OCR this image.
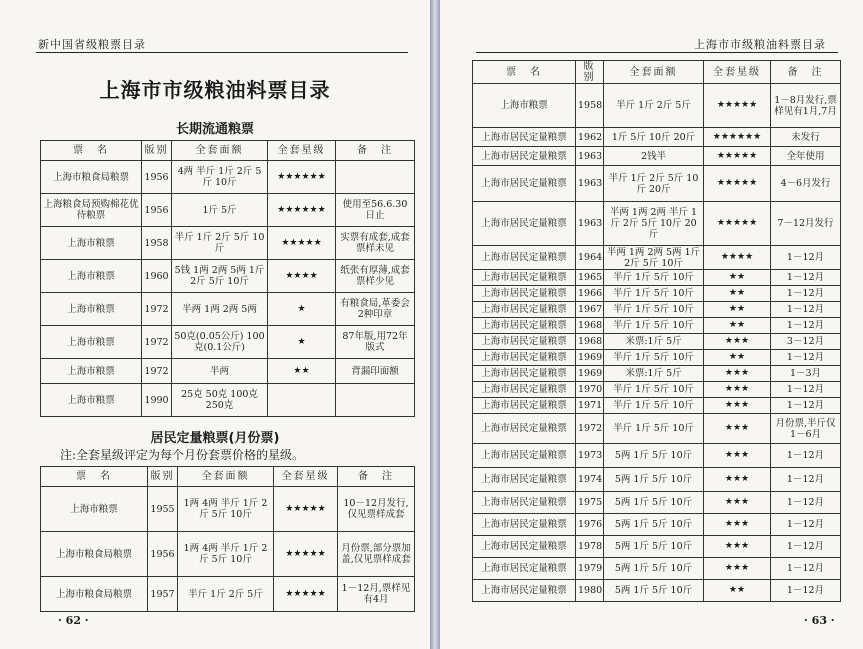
新中国省级粮票目录
上海市市级粮油料票目录
长期流通粮票
票　名	版别	全套面额	全套星级	备　注
上海市粮食局粮票	1956	4两 半斤 1斤 2斤 5斤 10斤	★★★★★★	
上海粮食局预购棉花优待粮票	1956	1斤 5斤	★★★★★★	使用至56.6.30日止
上海市粮票	1958	半斤 1斤 2斤 5斤 10斤	★★★★★	实票有成套,成套票样未见
上海市粮票	1960	5钱 1两 2两 5两 1斤 2斤 5斤 10斤	★★★★	纸张有厚薄,成套票样少见
上海市粮票	1972	半两 1两 2两 5两	★	有粮食局,革委会2种印章
上海市粮票	1972	50克(0.05公斤) 100克(0.1公斤)	★	87年版,用72年版式
上海市粮票	1972	半两	★★	背漏印面额
上海市粮票	1990	25克 50克 100克 250克		
居民定量粮票(月份票)
注:全套星级评定为每个月份套票价格的星级。
票　名	版别	全套面额	全套星级	备　注
上海市粮票	1955	1两 4两 半斤 1斤 2斤 5斤 10斤	★★★★★	10－12月发行,仅见票样成套
上海市粮食局粮票	1956	1两 4两 半斤 1斤 2斤 5斤 10斤	★★★★★	月份票,部分票加盖,仅见票样成套
上海市粮食局粮票	1957	半斤 1斤 2斤 5斤	★★★★★	1－12月,票样见有4月
· 62 ·
上海市市级粮油料票目录
票　名	版别	全套面额	全套星级	备　注
上海市粮票	1958	半斤 1斤 2斤 5斤	★★★★★	1－8月发行,票样见有1月,7月
上海市居民定量粮票	1962	1斤 5斤 10斤 20斤	★★★★★★	未发行
上海市居民定量粮票	1963	2钱半	★★★★★	全年使用
上海市居民定量粮票	1963	半斤 1斤 2斤 5斤 10斤 20斤	★★★★★	4－6月发行
上海市居民定量粮票	1963	半两 1两 2两 半斤 1斤 2斤 5斤 10斤 20斤	★★★★★	7－12月发行
上海市居民定量粮票	1964	半两 1两 2两 5两 1斤 2斤 5斤 10斤	★★★★	1－12月
上海市居民定量粮票	1965	半斤 1斤 5斤 10斤	★★	1－12月
上海市居民定量粮票	1966	半斤 1斤 5斤 10斤	★★	1－12月
上海市居民定量粮票	1967	半斤 1斤 5斤 10斤	★★	1－12月
上海市居民定量粮票	1968	半斤 1斤 5斤 10斤	★★	1－12月
上海市居民定量粮票	1968	米票:1斤 5斤	★★★	3－12月
上海市居民定量粮票	1969	半斤 1斤 5斤 10斤	★★	1－12月
上海市居民定量粮票	1969	米票:1斤 5斤	★★★	1－3月
上海市居民定量粮票	1970	半斤 1斤 5斤 10斤	★★★	1－12月
上海市居民定量粮票	1971	半斤 1斤 5斤 10斤	★★★	1－12月
上海市居民定量粮票	1972	半斤 1斤 5斤 10斤	★★★	月份票,半斤仅1－6月
上海市居民定量粮票	1973	5两 1斤 5斤 10斤	★★★	1－12月
上海市居民定量粮票	1974	5两 1斤 5斤 10斤	★★★	1－12月
上海市居民定量粮票	1975	5两 1斤 5斤 10斤	★★★	1－12月
上海市居民定量粮票	1976	5两 1斤 5斤 10斤	★★★	1－12月
上海市居民定量粮票	1978	5两 1斤 5斤 10斤	★★★	1－12月
上海市居民定量粮票	1979	5两 1斤 5斤 10斤	★★★	1－12月
上海市居民定量粮票	1980	5两 1斤 5斤 10斤	★★	1－12月
· 63 ·
